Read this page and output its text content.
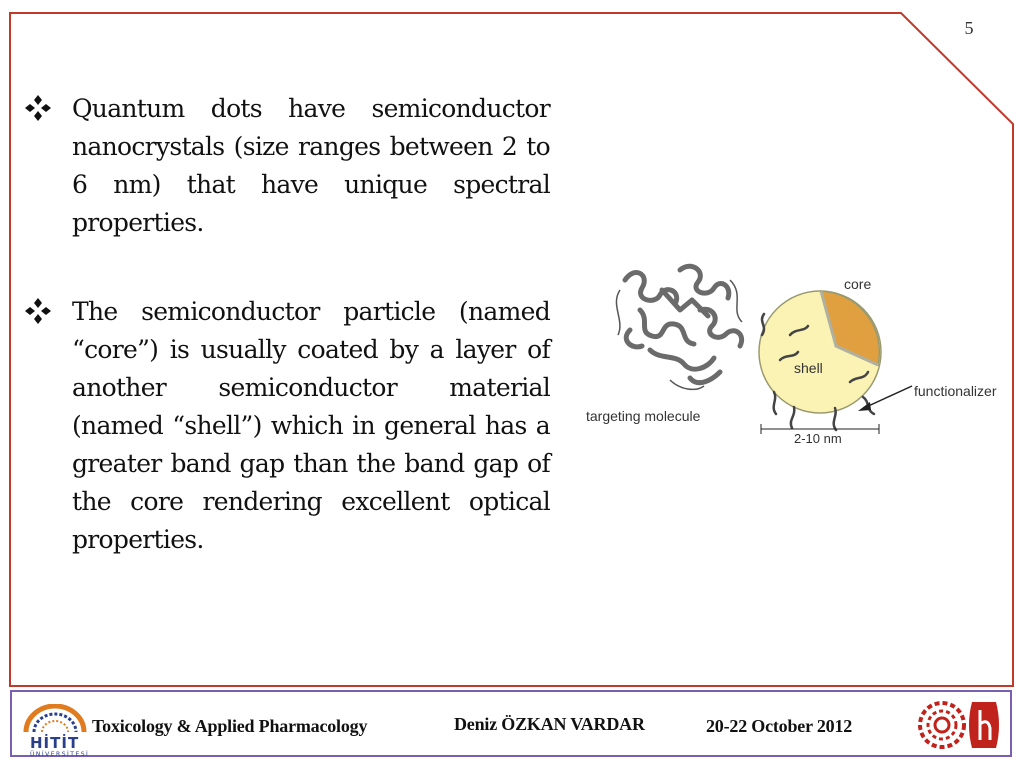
5
Quantum dots have semiconductor nanocrystals (size ranges between 2 to 6 nm) that have unique spectral properties.
The semiconductor particle (named “core”) is usually coated by a layer of another semiconductor material (named “shell”) which in general has a greater band gap than the band gap of the core rendering excellent optical properties.
core
shell
functionalizer
targeting molecule
2-10 nm
HİTİT
ÜNİVERSİTESİ
Toxicology & Applied Pharmacology	Deniz ÖZKAN VARDAR	20-22 October 2012
